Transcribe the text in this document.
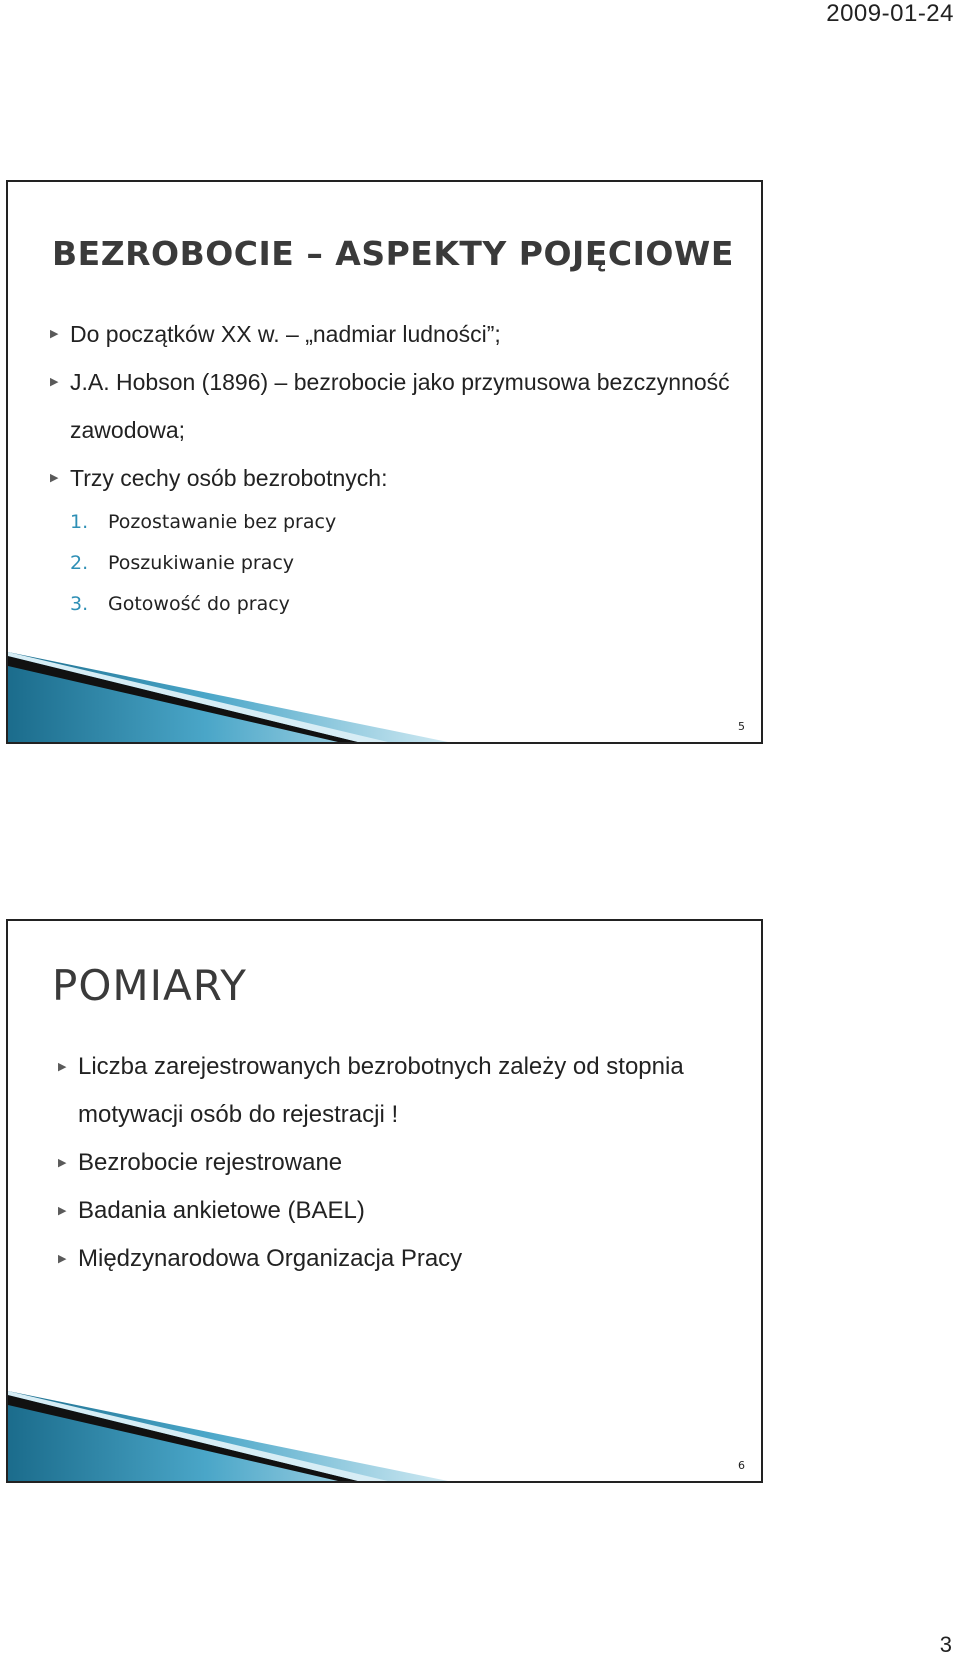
2009-01-24
BEZROBOCIE – ASPEKTY POJĘCIOWE
▶ Do początków XX w. – „nadmiar ludności”;
▶ J.A. Hobson (1896) – bezrobocie jako przymusowa bezczynność zawodowa;
▶ Trzy cechy osób bezrobotnych:
1. Pozostawanie bez pracy
2. Poszukiwanie pracy
3. Gotowość do pracy
5
POMIARY
▶ Liczba zarejestrowanych bezrobotnych zależy od stopnia motywacji osób do rejestracji !
▶ Bezrobocie rejestrowane
▶ Badania ankietowe (BAEL)
▶ Międzynarodowa Organizacja Pracy
6
3
